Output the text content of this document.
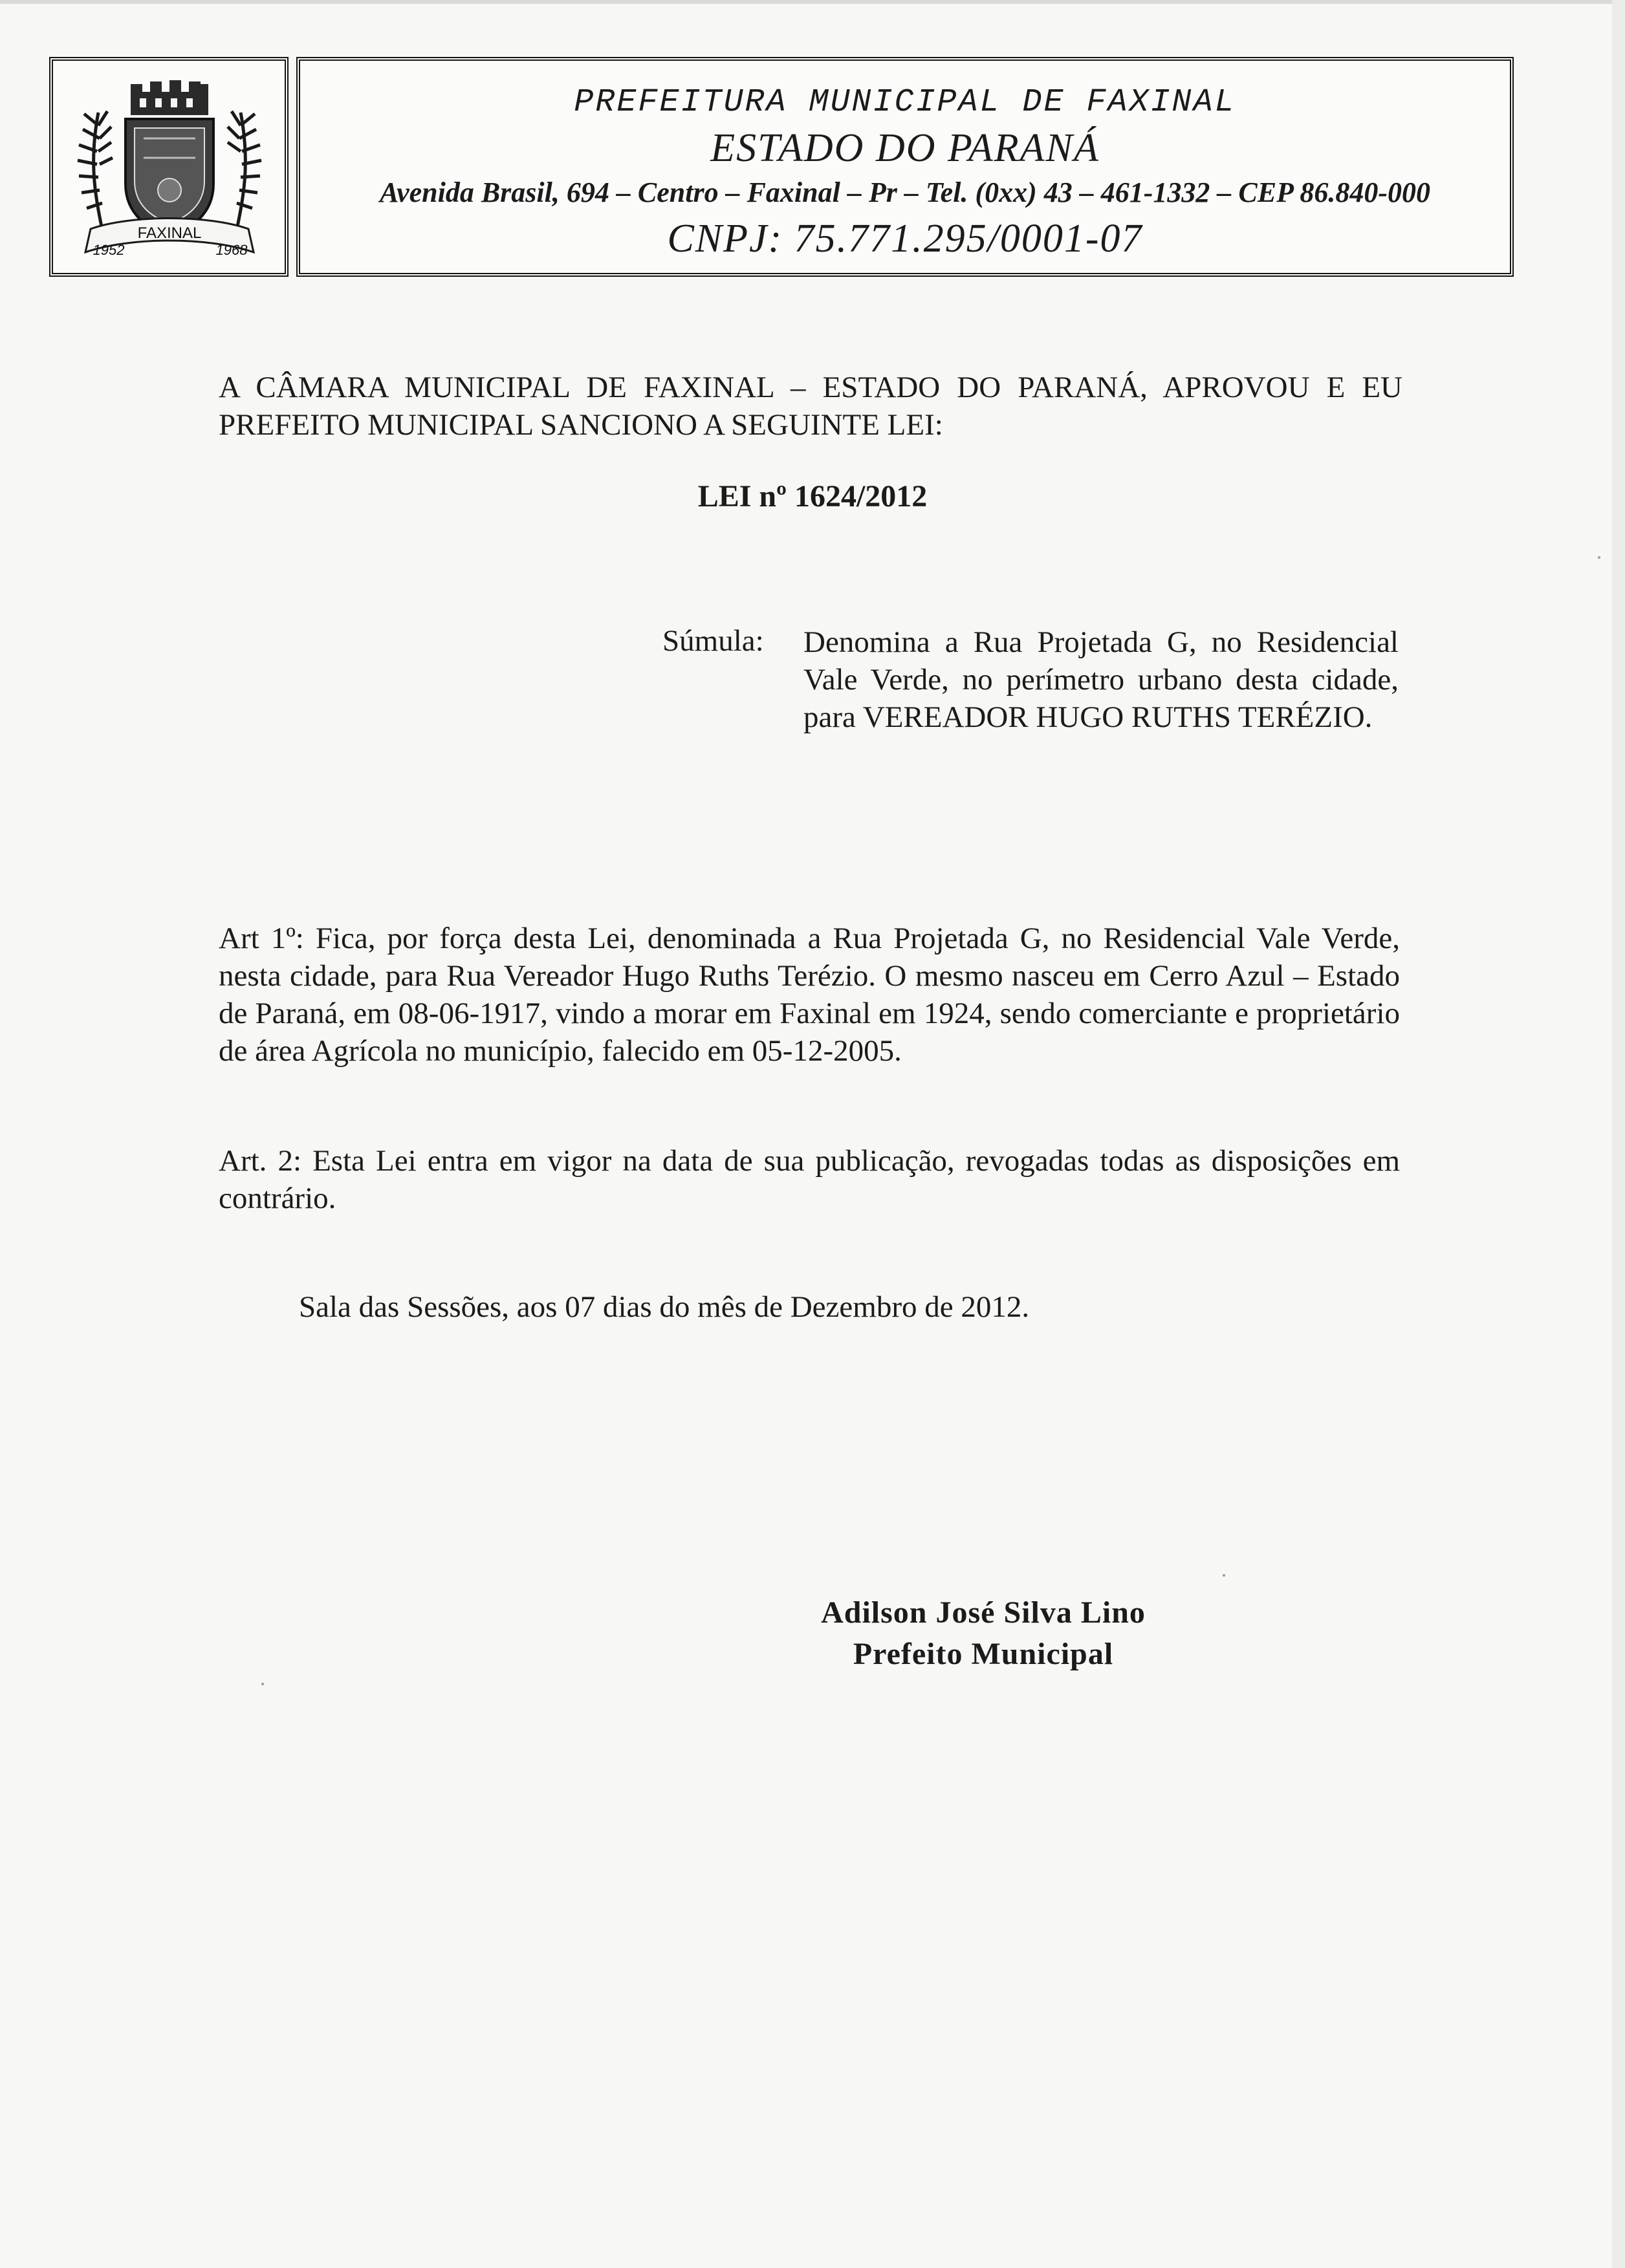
FAXINAL
1952	1968
PREFEITURA MUNICIPAL DE FAXINAL
ESTADO DO PARANÁ
Avenida Brasil, 694 – Centro – Faxinal – Pr – Tel. (0xx) 43 – 461-1332 – CEP 86.840-000
CNPJ: 75.771.295/0001-07
A CÂMARA MUNICIPAL DE FAXINAL – ESTADO DO PARANÁ, APROVOU E EU PREFEITO MUNICIPAL SANCIONO A SEGUINTE LEI:
LEI nº 1624/2012
Súmula: Denomina a Rua Projetada G, no Residencial Vale Verde, no perímetro urbano desta cidade, para VEREADOR HUGO RUTHS TERÉZIO.
Art 1º: Fica, por força desta Lei, denominada a Rua Projetada G, no Residencial Vale Verde, nesta cidade, para Rua Vereador Hugo Ruths Terézio. O mesmo nasceu em Cerro Azul – Estado de Paraná, em 08-06-1917, vindo a morar em Faxinal em 1924, sendo comerciante e proprietário de área Agrícola no município, falecido em 05-12-2005.
Art. 2: Esta Lei entra em vigor na data de sua publicação, revogadas todas as disposições em contrário.
Sala das Sessões, aos 07 dias do mês de Dezembro de 2012.
Adilson José Silva Lino
Prefeito Municipal
